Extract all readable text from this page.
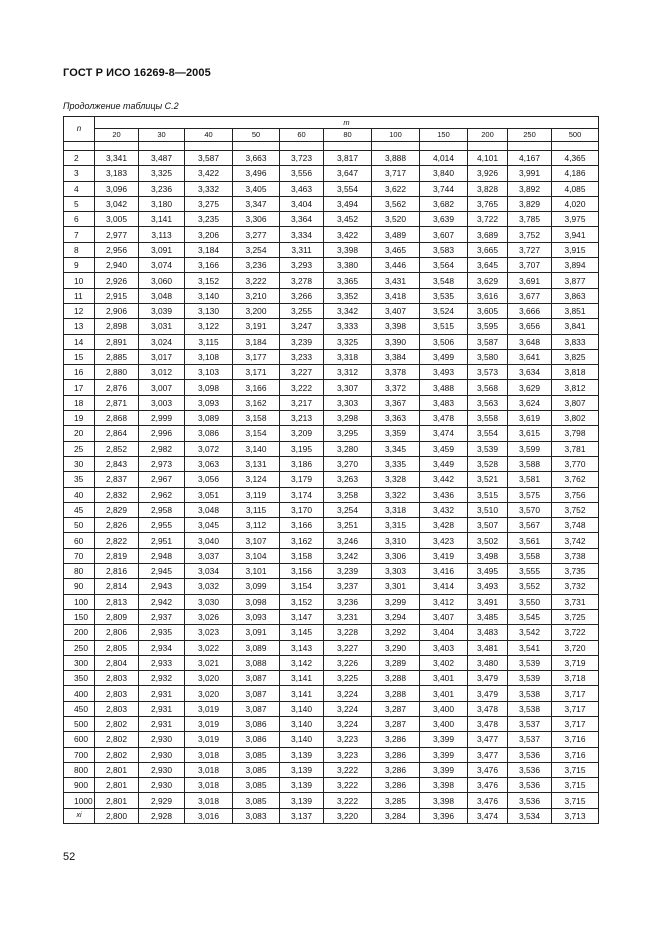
ГОСТ Р ИСО 16269-8—2005
Продолжение таблицы С.2
n	m										
	20	30	40	50	60	80	100	150	200	250	500

2	3,341	3,487	3,587	3,663	3,723	3,817	3,888	4,014	4,101	4,167	4,365
3	3,183	3,325	3,422	3,496	3,556	3,647	3,717	3,840	3,926	3,991	4,186
4	3,096	3,236	3,332	3,405	3,463	3,554	3,622	3,744	3,828	3,892	4,085
5	3,042	3,180	3,275	3,347	3,404	3,494	3,562	3,682	3,765	3,829	4,020
6	3,005	3,141	3,235	3,306	3,364	3,452	3,520	3,639	3,722	3,785	3,975
7	2,977	3,113	3,206	3,277	3,334	3,422	3,489	3,607	3,689	3,752	3,941
8	2,956	3,091	3,184	3,254	3,311	3,398	3,465	3,583	3,665	3,727	3,915
9	2,940	3,074	3,166	3,236	3,293	3,380	3,446	3,564	3,645	3,707	3,894
10	2,926	3,060	3,152	3,222	3,278	3,365	3,431	3,548	3,629	3,691	3,877
11	2,915	3,048	3,140	3,210	3,266	3,352	3,418	3,535	3,616	3,677	3,863
12	2,906	3,039	3,130	3,200	3,255	3,342	3,407	3,524	3,605	3,666	3,851
13	2,898	3,031	3,122	3,191	3,247	3,333	3,398	3,515	3,595	3,656	3,841
14	2,891	3,024	3,115	3,184	3,239	3,325	3,390	3,506	3,587	3,648	3,833
15	2,885	3,017	3,108	3,177	3,233	3,318	3,384	3,499	3,580	3,641	3,825
16	2,880	3,012	3,103	3,171	3,227	3,312	3,378	3,493	3,573	3,634	3,818
17	2,876	3,007	3,098	3,166	3,222	3,307	3,372	3,488	3,568	3,629	3,812
18	2,871	3,003	3,093	3,162	3,217	3,303	3,367	3,483	3,563	3,624	3,807
19	2,868	2,999	3,089	3,158	3,213	3,298	3,363	3,478	3,558	3,619	3,802
20	2,864	2,996	3,086	3,154	3,209	3,295	3,359	3,474	3,554	3,615	3,798
25	2,852	2,982	3,072	3,140	3,195	3,280	3,345	3,459	3,539	3,599	3,781
30	2,843	2,973	3,063	3,131	3,186	3,270	3,335	3,449	3,528	3,588	3,770
35	2,837	2,967	3,056	3,124	3,179	3,263	3,328	3,442	3,521	3,581	3,762
40	2,832	2,962	3,051	3,119	3,174	3,258	3,322	3,436	3,515	3,575	3,756
45	2,829	2,958	3,048	3,115	3,170	3,254	3,318	3,432	3,510	3,570	3,752
50	2,826	2,955	3,045	3,112	3,166	3,251	3,315	3,428	3,507	3,567	3,748
60	2,822	2,951	3,040	3,107	3,162	3,246	3,310	3,423	3,502	3,561	3,742
70	2,819	2,948	3,037	3,104	3,158	3,242	3,306	3,419	3,498	3,558	3,738
80	2,816	2,945	3,034	3,101	3,156	3,239	3,303	3,416	3,495	3,555	3,735
90	2,814	2,943	3,032	3,099	3,154	3,237	3,301	3,414	3,493	3,552	3,732
100	2,813	2,942	3,030	3,098	3,152	3,236	3,299	3,412	3,491	3,550	3,731
150	2,809	2,937	3,026	3,093	3,147	3,231	3,294	3,407	3,485	3,545	3,725
200	2,806	2,935	3,023	3,091	3,145	3,228	3,292	3,404	3,483	3,542	3,722
250	2,805	2,934	3,022	3,089	3,143	3,227	3,290	3,403	3,481	3,541	3,720
300	2,804	2,933	3,021	3,088	3,142	3,226	3,289	3,402	3,480	3,539	3,719
350	2,803	2,932	3,020	3,087	3,141	3,225	3,288	3,401	3,479	3,539	3,718
400	2,803	2,931	3,020	3,087	3,141	3,224	3,288	3,401	3,479	3,538	3,717
450	2,803	2,931	3,019	3,087	3,140	3,224	3,287	3,400	3,478	3,538	3,717
500	2,802	2,931	3,019	3,086	3,140	3,224	3,287	3,400	3,478	3,537	3,717
600	2,802	2,930	3,019	3,086	3,140	3,223	3,286	3,399	3,477	3,537	3,716
700	2,802	2,930	3,018	3,085	3,139	3,223	3,286	3,399	3,477	3,536	3,716
800	2,801	2,930	3,018	3,085	3,139	3,222	3,286	3,399	3,476	3,536	3,715
900	2,801	2,930	3,018	3,085	3,139	3,222	3,286	3,398	3,476	3,536	3,715
1000	2,801	2,929	3,018	3,085	3,139	3,222	3,285	3,398	3,476	3,536	3,715
xi	2,800	2,928	3,016	3,083	3,137	3,220	3,284	3,396	3,474	3,534	3,713
52
